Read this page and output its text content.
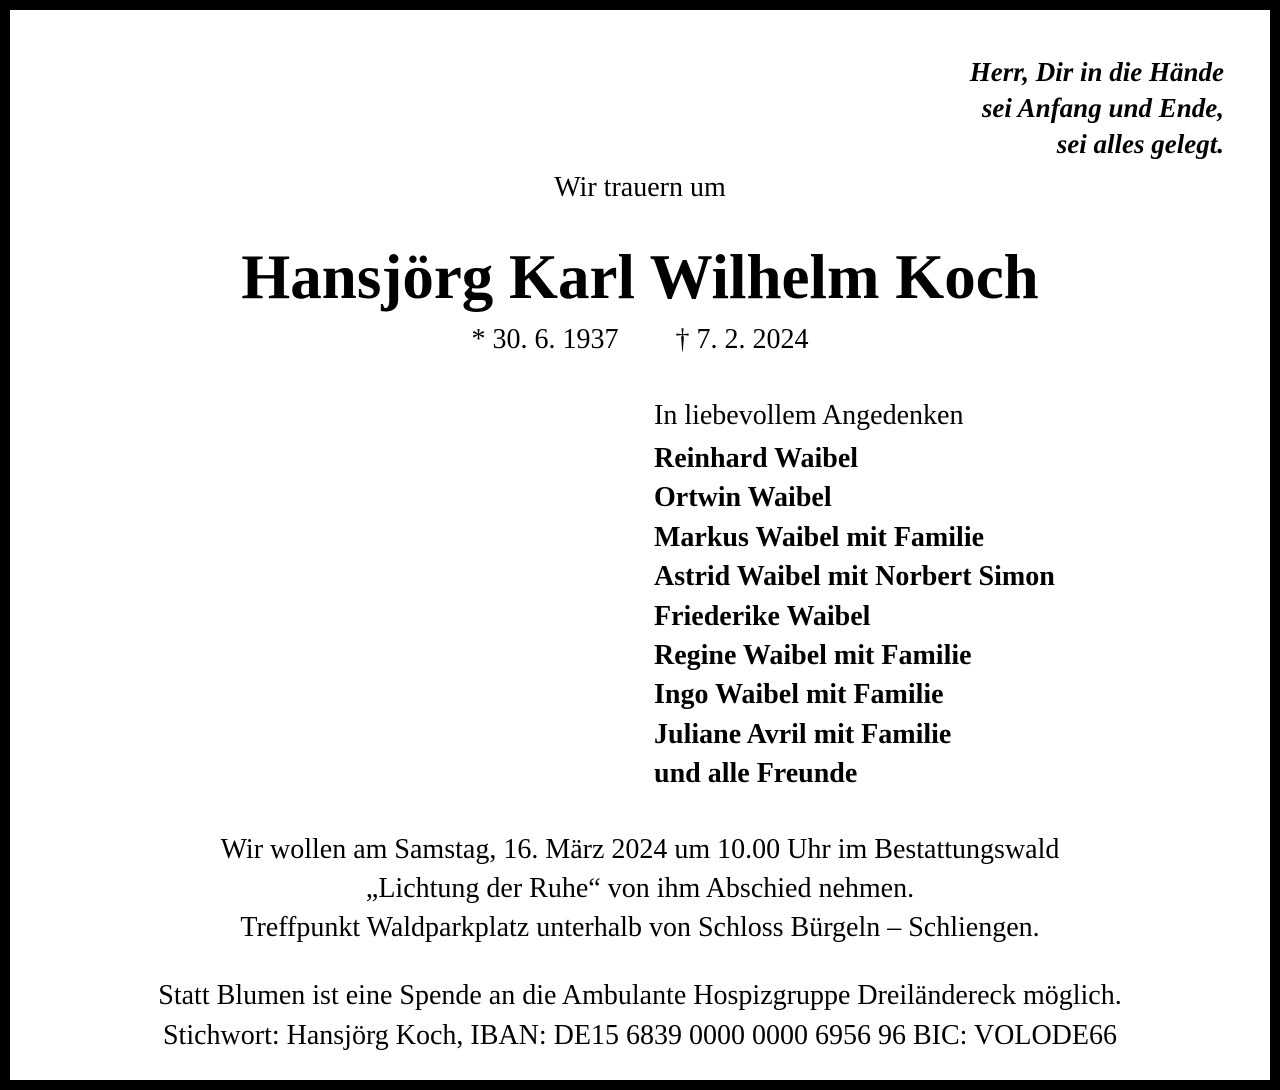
Herr, Dir in die Hände
sei Anfang und Ende,
sei alles gelegt.
Wir trauern um
Hansjörg Karl Wilhelm Koch
* 30. 6. 1937 † 7. 2. 2024
In liebevollem Angedenken
Reinhard Waibel
Ortwin Waibel
Markus Waibel mit Familie
Astrid Waibel mit Norbert Simon
Friederike Waibel
Regine Waibel mit Familie
Ingo Waibel mit Familie
Juliane Avril mit Familie
und alle Freunde
Wir wollen am Samstag, 16. März 2024 um 10.00 Uhr im Bestattungswald
„Lichtung der Ruhe“ von ihm Abschied nehmen.
Treffpunkt Waldparkplatz unterhalb von Schloss Bürgeln – Schliengen.
Statt Blumen ist eine Spende an die Ambulante Hospizgruppe Dreiländereck möglich.
Stichwort: Hansjörg Koch, IBAN: DE15 6839 0000 0000 6956 96 BIC: VOLODE66
